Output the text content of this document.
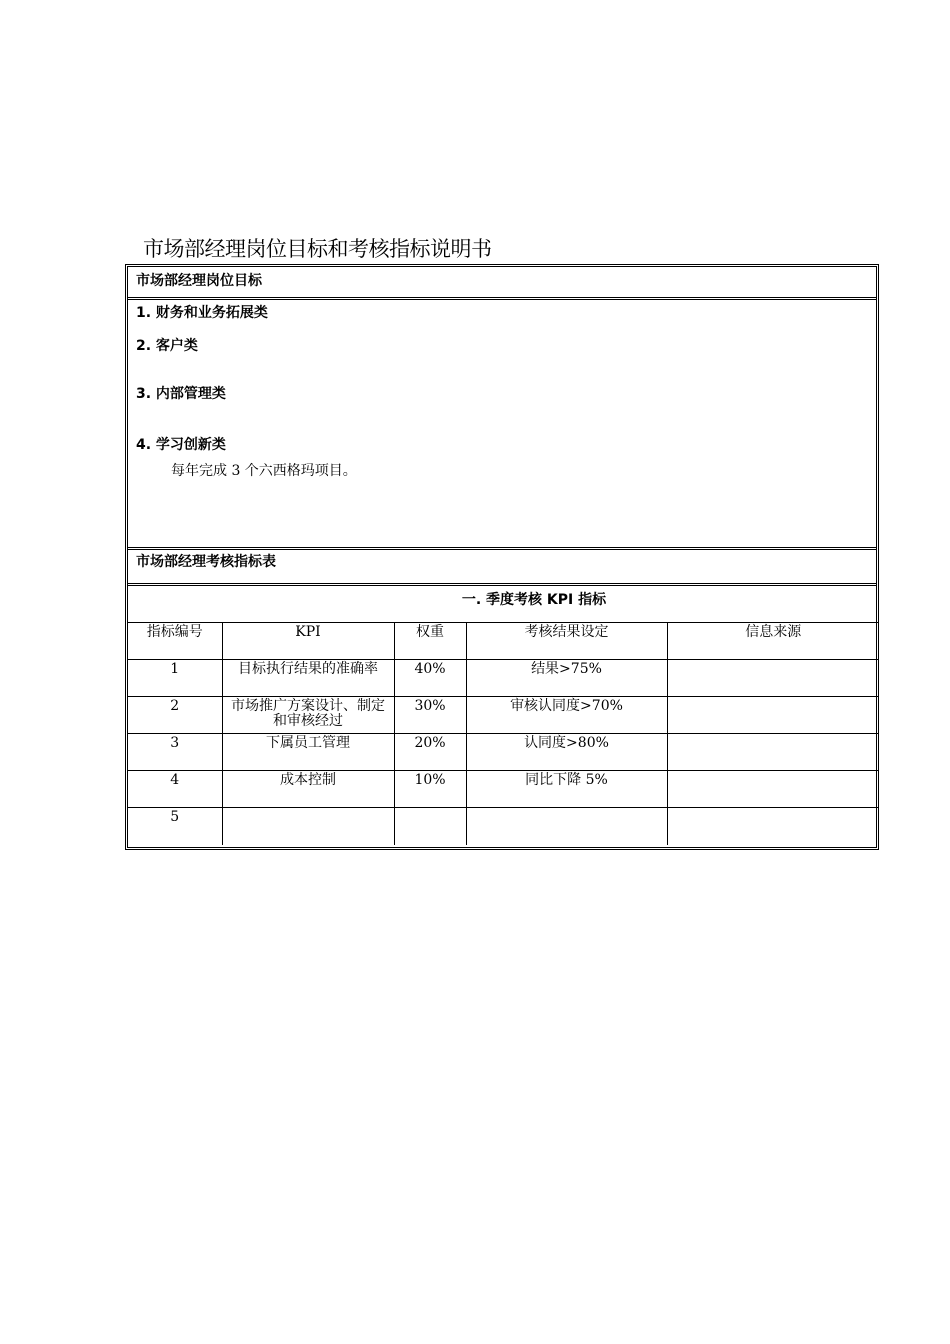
市场部经理岗位目标和考核指标说明书
市场部经理岗位目标
1. 财务和业务拓展类
2. 客户类
3. 内部管理类
4. 学习创新类
每年完成 3 个六西格玛项目。
市场部经理考核指标表
一. 季度考核 KPI 指标
指标编号	KPI	权重	考核结果设定	信息来源
1	目标执行结果的准确率	40%	结果>75%	
2	市场推广方案设计、制定和审核经过	30%	审核认同度>70%	
3	下属员工管理	20%	认同度>80%	
4	成本控制	10%	同比下降 5%	
5				
